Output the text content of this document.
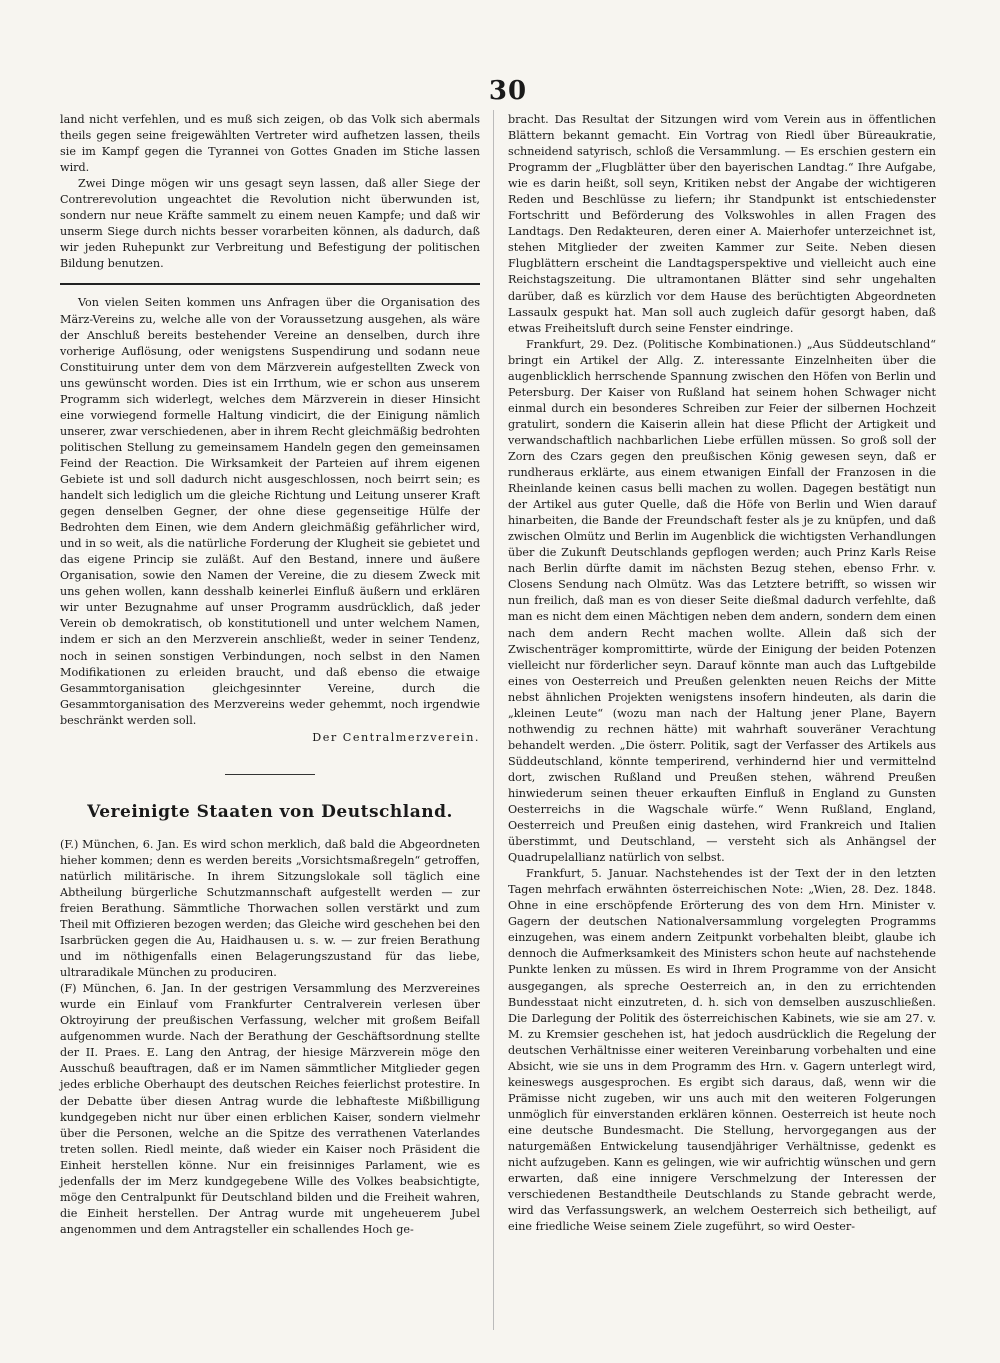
30

land nicht verfehlen, und es muß sich zeigen, ob das Volk sich abermals theils gegen seine freigewählten Vertreter wird aufhetzen lassen, theils sie im Kampf gegen die Tyrannei von Gottes Gnaden im Stiche lassen wird.

Zwei Dinge mögen wir uns gesagt seyn lassen, daß aller Siege der Contrerevolution ungeachtet die Revolution nicht überwunden ist, sondern nur neue Kräfte sammelt zu einem neuen Kampfe; und daß wir unserm Siege durch nichts besser vorarbeiten können, als dadurch, daß wir jeden Ruhepunkt zur Verbreitung und Befestigung der politischen Bildung benutzen.

Von vielen Seiten kommen uns Anfragen über die Organisation des März-Vereins zu, welche alle von der Voraussetzung ausgehen, als wäre der Anschluß bereits bestehender Vereine an denselben, durch ihre vorherige Auflösung, oder wenigstens Suspendirung und sodann neue Constituirung unter dem von dem Märzverein aufgestellten Zweck von uns gewünscht worden. Dies ist ein Irrthum, wie er schon aus unserem Programm sich widerlegt, welches dem Märzverein in dieser Hinsicht eine vorwiegend formelle Haltung vindicirt, die der Einigung nämlich unserer, zwar verschiedenen, aber in ihrem Recht gleichmäßig bedrohten politischen Stellung zu gemeinsamem Handeln gegen den gemeinsamen Feind der Reaction. Die Wirksamkeit der Parteien auf ihrem eigenen Gebiete ist und soll dadurch nicht ausgeschlossen, noch beirrt sein; es handelt sich lediglich um die gleiche Richtung und Leitung unserer Kraft gegen denselben Gegner, der ohne diese gegenseitige Hülfe der Bedrohten dem Einen, wie dem Andern gleichmäßig gefährlicher wird, und in so weit, als die natürliche Forderung der Klugheit sie gebietet und das eigene Princip sie zuläßt. Auf den Bestand, innere und äußere Organisation, sowie den Namen der Vereine, die zu diesem Zweck mit uns gehen wollen, kann desshalb keinerlei Einfluß äußern und erklären wir unter Bezugnahme auf unser Programm ausdrücklich, daß jeder Verein ob demokratisch, ob konstitutionell und unter welchem Namen, indem er sich an den Merzverein anschließt, weder in seiner Tendenz, noch in seinen sonstigen Verbindungen, noch selbst in den Namen Modifikationen zu erleiden braucht, und daß ebenso die etwaige Gesammtorganisation gleichgesinnter Vereine, durch die Gesammtorganisation des Merzvereins weder gehemmt, noch irgendwie beschränkt werden soll.

Der Centralmerzverein.
Vereinigte Staaten von Deutschland.

(F.) München, 6. Jan. Es wird schon merklich, daß bald die Abgeordneten hieher kommen; denn es werden bereits „Vorsichtsmaßregeln“ getroffen, natürlich militärische. In ihrem Sitzungslokale soll täglich eine Abtheilung bürgerliche Schutzmannschaft aufgestellt werden — zur freien Berathung. Sämmtliche Thorwachen sollen verstärkt und zum Theil mit Offizieren bezogen werden; das Gleiche wird geschehen bei den Isarbrücken gegen die Au, Haidhausen u. s. w. — zur freien Berathung und im nöthigenfalls einen Belagerungszustand für das liebe, ultraradikale München zu produciren.

(F) München, 6. Jan. In der gestrigen Versammlung des Merzvereines wurde ein Einlauf vom Frankfurter Centralverein verlesen über Oktroyirung der preußischen Verfassung, welcher mit großem Beifall aufgenommen wurde. Nach der Berathung der Geschäftsordnung stellte der II. Praes. E. Lang den Antrag, der hiesige Märzverein möge den Ausschuß beauftragen, daß er im Namen sämmtlicher Mitglieder gegen jedes erbliche Oberhaupt des deutschen Reiches feierlichst protestire. In der Debatte über diesen Antrag wurde die lebhafteste Mißbilligung kundgegeben nicht nur über einen erblichen Kaiser, sondern vielmehr über die Personen, welche an die Spitze des verrathenen Vaterlandes treten sollen. Riedl meinte, daß wieder ein Kaiser noch Präsident die Einheit herstellen könne. Nur ein freisinniges Parlament, wie es jedenfalls der im Merz kundgegebene Wille des Volkes beabsichtigte, möge den Centralpunkt für Deutschland bilden und die Freiheit wahren, die Einheit herstellen. Der Antrag wurde mit ungeheuerem Jubel angenommen und dem Antragsteller ein schallendes Hoch ge-

bracht. Das Resultat der Sitzungen wird vom Verein aus in öffentlichen Blättern bekannt gemacht. Ein Vortrag von Riedl über Büreaukratie, schneidend satyrisch, schloß die Versammlung. — Es erschien gestern ein Programm der „Flugblätter über den bayerischen Landtag.“ Ihre Aufgabe, wie es darin heißt, soll seyn, Kritiken nebst der Angabe der wichtigeren Reden und Beschlüsse zu liefern; ihr Standpunkt ist entschiedenster Fortschritt und Beförderung des Volkswohles in allen Fragen des Landtags. Den Redakteuren, deren einer A. Maierhofer unterzeichnet ist, stehen Mitglieder der zweiten Kammer zur Seite. Neben diesen Flugblättern erscheint die Landtagsperspektive und vielleicht auch eine Reichstagszeitung. Die ultramontanen Blätter sind sehr ungehalten darüber, daß es kürzlich vor dem Hause des berüchtigten Abgeordneten Lassaulx gespukt hat. Man soll auch zugleich dafür gesorgt haben, daß etwas Freiheitsluft durch seine Fenster eindringe.

Frankfurt, 29. Dez. (Politische Kombinationen.) „Aus Süddeutschland“ bringt ein Artikel der Allg. Z. interessante Einzelnheiten über die augenblicklich herrschende Spannung zwischen den Höfen von Berlin und Petersburg. Der Kaiser von Rußland hat seinem hohen Schwager nicht einmal durch ein besonderes Schreiben zur Feier der silbernen Hochzeit gratulirt, sondern die Kaiserin allein hat diese Pflicht der Artigkeit und verwandschaftlich nachbarlichen Liebe erfüllen müssen. So groß soll der Zorn des Czars gegen den preußischen König gewesen seyn, daß er rundheraus erklärte, aus einem etwanigen Einfall der Franzosen in die Rheinlande keinen casus belli machen zu wollen. Dagegen bestätigt nun der Artikel aus guter Quelle, daß die Höfe von Berlin und Wien darauf hinarbeiten, die Bande der Freundschaft fester als je zu knüpfen, und daß zwischen Olmütz und Berlin im Augenblick die wichtigsten Verhandlungen über die Zukunft Deutschlands gepflogen werden; auch Prinz Karls Reise nach Berlin dürfte damit im nächsten Bezug stehen, ebenso Frhr. v. Closens Sendung nach Olmütz. Was das Letztere betrifft, so wissen wir nun freilich, daß man es von dieser Seite dießmal dadurch verfehlte, daß man es nicht dem einen Mächtigen neben dem andern, sondern dem einen nach dem andern Recht machen wollte. Allein daß sich der Zwischenträger kompromittirte, würde der Einigung der beiden Potenzen vielleicht nur förderlicher seyn. Darauf könnte man auch das Luftgebilde eines von Oesterreich und Preußen gelenkten neuen Reichs der Mitte nebst ähnlichen Projekten wenigstens insofern hindeuten, als darin die „kleinen Leute“ (wozu man nach der Haltung jener Plane, Bayern nothwendig zu rechnen hätte) mit wahrhaft souveräner Verachtung behandelt werden. „Die österr. Politik, sagt der Verfasser des Artikels aus Süddeutschland, könnte temperirend, verhindernd hier und vermittelnd dort, zwischen Rußland und Preußen stehen, während Preußen hinwiederum seinen theuer erkauften Einfluß in England zu Gunsten Oesterreichs in die Wagschale würfe.“ Wenn Rußland, England, Oesterreich und Preußen einig dastehen, wird Frankreich und Italien überstimmt, und Deutschland, — versteht sich als Anhängsel der Quadrupelallianz natürlich von selbst.

Frankfurt, 5. Januar. Nachstehendes ist der Text der in den letzten Tagen mehrfach erwähnten österreichischen Note: „Wien, 28. Dez. 1848. Ohne in eine erschöpfende Erörterung des von dem Hrn. Minister v. Gagern der deutschen Nationalversammlung vorgelegten Programms einzugehen, was einem andern Zeitpunkt vorbehalten bleibt, glaube ich dennoch die Aufmerksamkeit des Ministers schon heute auf nachstehende Punkte lenken zu müssen. Es wird in Ihrem Programme von der Ansicht ausgegangen, als spreche Oesterreich an, in den zu errichtenden Bundesstaat nicht einzutreten, d. h. sich von demselben auszuschließen. Die Darlegung der Politik des österreichischen Kabinets, wie sie am 27. v. M. zu Kremsier geschehen ist, hat jedoch ausdrücklich die Regelung der deutschen Verhältnisse einer weiteren Vereinbarung vorbehalten und eine Absicht, wie sie uns in dem Programm des Hrn. v. Gagern unterlegt wird, keineswegs ausgesprochen. Es ergibt sich daraus, daß, wenn wir die Prämisse nicht zugeben, wir uns auch mit den weiteren Folgerungen unmöglich für einverstanden erklären können. Oesterreich ist heute noch eine deutsche Bundesmacht. Die Stellung, hervorgegangen aus der naturgemäßen Entwickelung tausendjähriger Verhältnisse, gedenkt es nicht aufzugeben. Kann es gelingen, wie wir aufrichtig wünschen und gern erwarten, daß eine innigere Verschmelzung der Interessen der verschiedenen Bestandtheile Deutschlands zu Stande gebracht werde, wird das Verfassungswerk, an welchem Oesterreich sich betheiligt, auf eine friedliche Weise seinem Ziele zugeführt, so wird Oester-
